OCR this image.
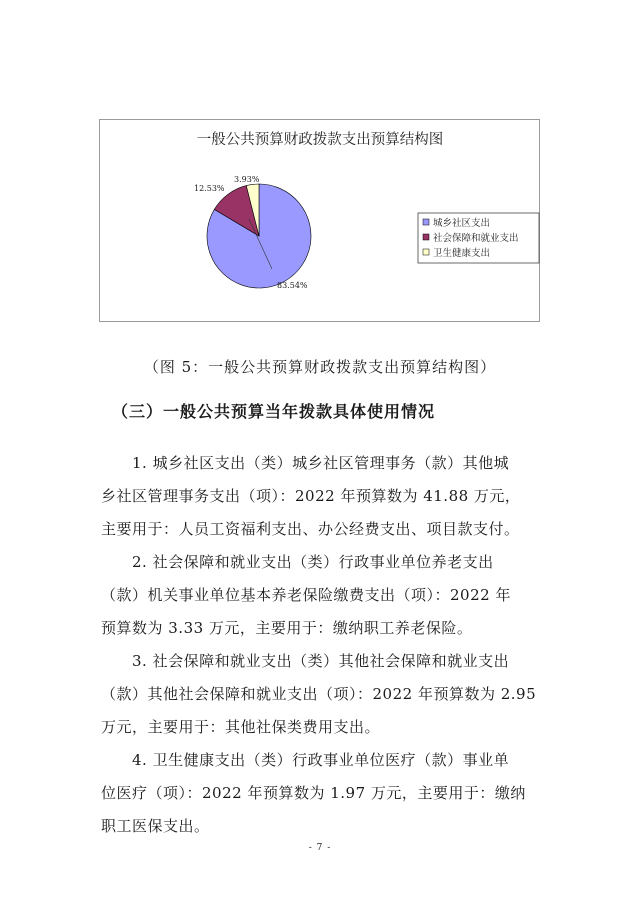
一般公共预算财政拨款支出预算结构图
83.54%
12.53%
3.93%
城乡社区支出
社会保障和就业支出
卫生健康支出
（图 5：一般公共预算财政拨款支出预算结构图）
（三）一般公共预算当年拨款具体使用情况
1. 城乡社区支出（类）城乡社区管理事务（款）其他城
乡社区管理事务支出（项）：2022 年预算数为 41.88 万元，
主要用于：人员工资福利支出、办公经费支出、项目款支付。
2. 社会保障和就业支出（类）行政事业单位养老支出
（款）机关事业单位基本养老保险缴费支出（项）：2022 年
预算数为 3.33 万元，主要用于：缴纳职工养老保险。
3. 社会保障和就业支出（类）其他社会保障和就业支出
（款）其他社会保障和就业支出（项）：2022 年预算数为 2.95
万元，主要用于：其他社保类费用支出。
4. 卫生健康支出（类）行政事业单位医疗（款）事业单
位医疗（项）：2022 年预算数为 1.97 万元，主要用于：缴纳
职工医保支出。
- 7 -
